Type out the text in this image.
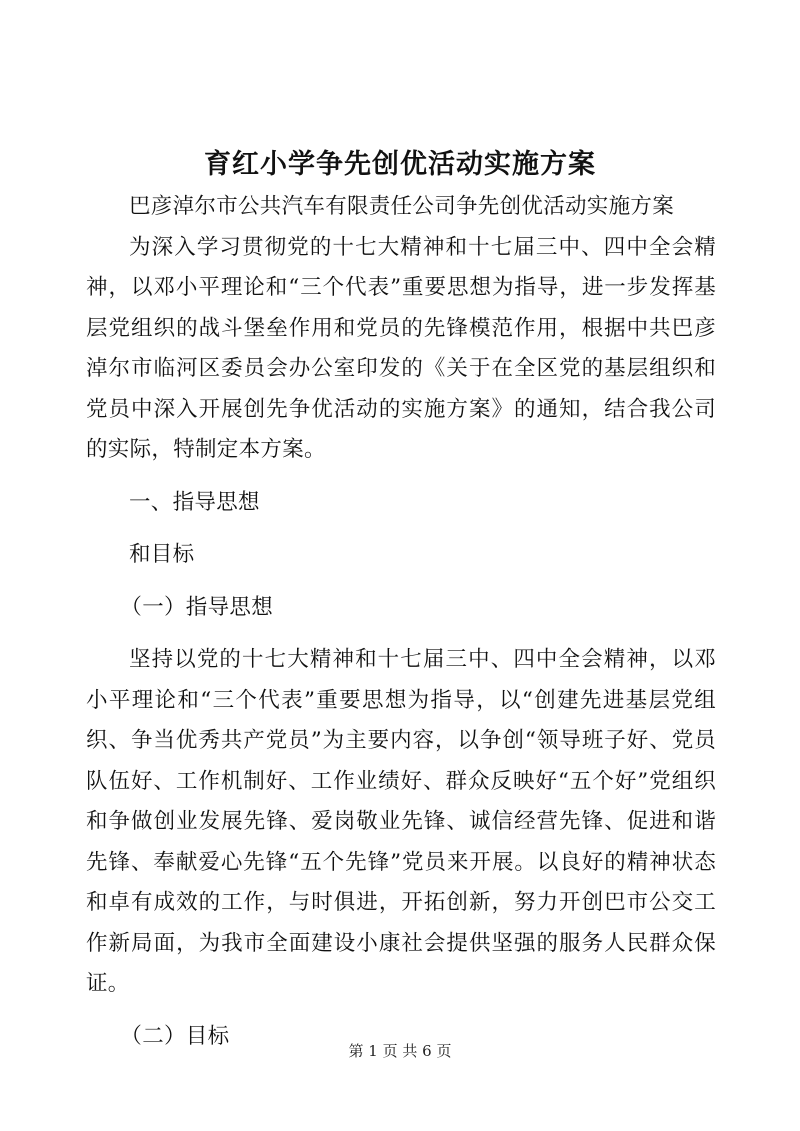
育红小学争先创优活动实施方案

巴彦淖尔市公共汽车有限责任公司争先创优活动实施方案

为深入学习贯彻党的十七大精神和十七届三中、四中全会精神，以邓小平理论和“三个代表”重要思想为指导，进一步发挥基层党组织的战斗堡垒作用和党员的先锋模范作用，根据中共巴彦淖尔市临河区委员会办公室印发的《关于在全区党的基层组织和党员中深入开展创先争优活动的实施方案》的通知，结合我公司的实际，特制定本方案。

一、指导思想

和目标

（一）指导思想

坚持以党的十七大精神和十七届三中、四中全会精神，以邓小平理论和“三个代表”重要思想为指导，以“创建先进基层党组织、争当优秀共产党员”为主要内容，以争创“领导班子好、党员队伍好、工作机制好、工作业绩好、群众反映好“五个好”党组织和争做创业发展先锋、爱岗敬业先锋、诚信经营先锋、促进和谐先锋、奉献爱心先锋“五个先锋”党员来开展。以良好的精神状态和卓有成效的工作，与时俱进，开拓创新，努力开创巴市公交工作新局面，为我市全面建设小康社会提供坚强的服务人民群众保证。

（二）目标

第 1 页 共 6 页
